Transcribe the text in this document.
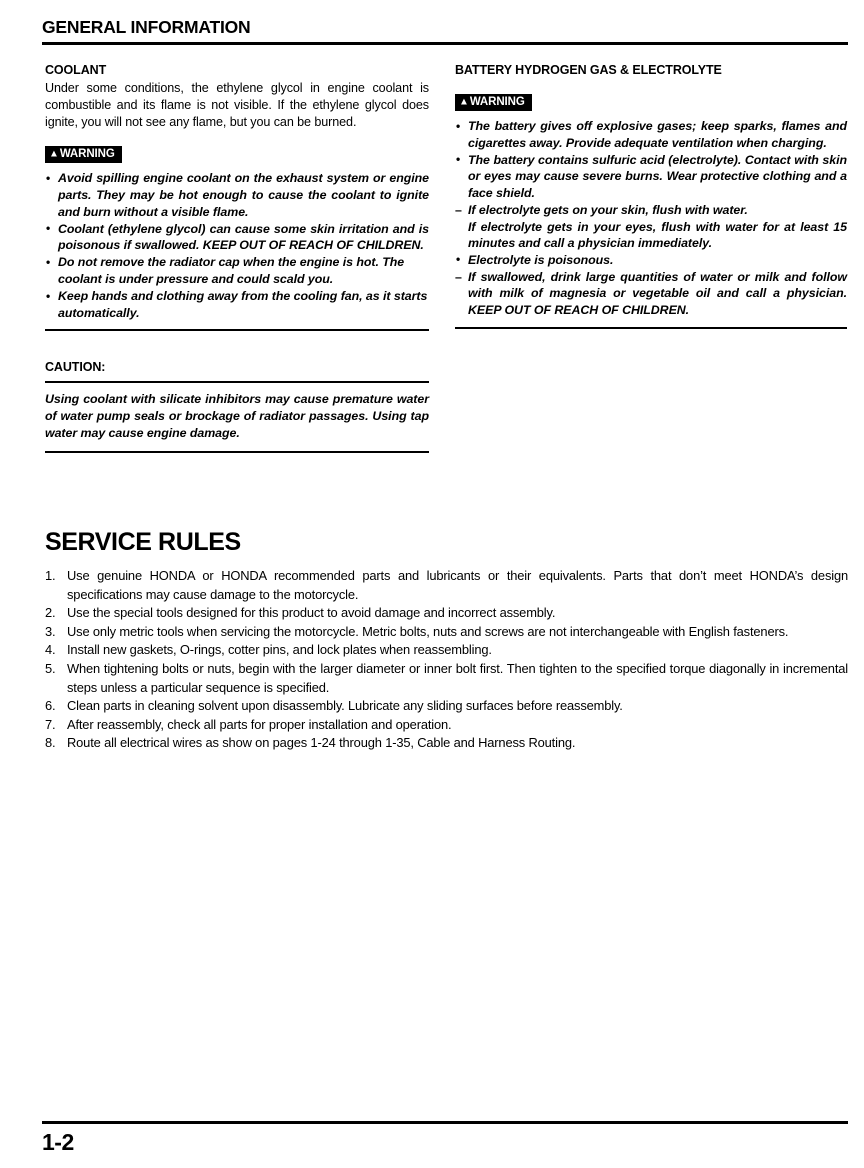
GENERAL INFORMATION
COOLANT

Under some conditions, the ethylene glycol in engine coolant is combustible and its flame is not visible. If the ethylene glycol does ignite, you will not see any flame, but you can be burned.

▲ WARNING
• Avoid spilling engine coolant on the exhaust system or engine parts. They may be hot enough to cause the coolant to ignite and burn without a visible flame.
• Coolant (ethylene glycol) can cause some skin irritation and is poisonous if swallowed. KEEP OUT OF REACH OF CHILDREN.
• Do not remove the radiator cap when the engine is hot. The coolant is under pressure and could scald you.
• Keep hands and clothing away from the cooling fan, as it starts automatically.
CAUTION:

Using coolant with silicate inhibitors may cause premature water of water pump seals or brockage of radiator passages. Using tap water may cause engine damage.

BATTERY HYDROGEN GAS & ELECTROLYTE
▲ WARNING
• The battery gives off explosive gases; keep sparks, flames and cigarettes away. Provide adequate ventilation when charging.
• The battery contains sulfuric acid (electrolyte). Contact with skin or eyes may cause severe burns. Wear protective clothing and a face shield.
– If electrolyte gets on your skin, flush with water.
If electrolyte gets in your eyes, flush with water for at least 15 minutes and call a physician immediately.
• Electrolyte is poisonous.
– If swallowed, drink large quantities of water or milk and follow with milk of magnesia or vegetable oil and call a physician. KEEP OUT OF REACH OF CHILDREN.
SERVICE RULES
1. Use genuine HONDA or HONDA recommended parts and lubricants or their equivalents. Parts that don’t meet HONDA’s design specifications may cause damage to the motorcycle.
2. Use the special tools designed for this product to avoid damage and incorrect assembly.
3. Use only metric tools when servicing the motorcycle. Metric bolts, nuts and screws are not interchangeable with English fasteners.
4. Install new gaskets, O-rings, cotter pins, and lock plates when reassembling.
5. When tightening bolts or nuts, begin with the larger diameter or inner bolt first. Then tighten to the specified torque diagonally in incremental steps unless a particular sequence is specified.
6. Clean parts in cleaning solvent upon disassembly. Lubricate any sliding surfaces before reassembly.
7. After reassembly, check all parts for proper installation and operation.
8. Route all electrical wires as show on pages 1-24 through 1-35, Cable and Harness Routing.
1-2
